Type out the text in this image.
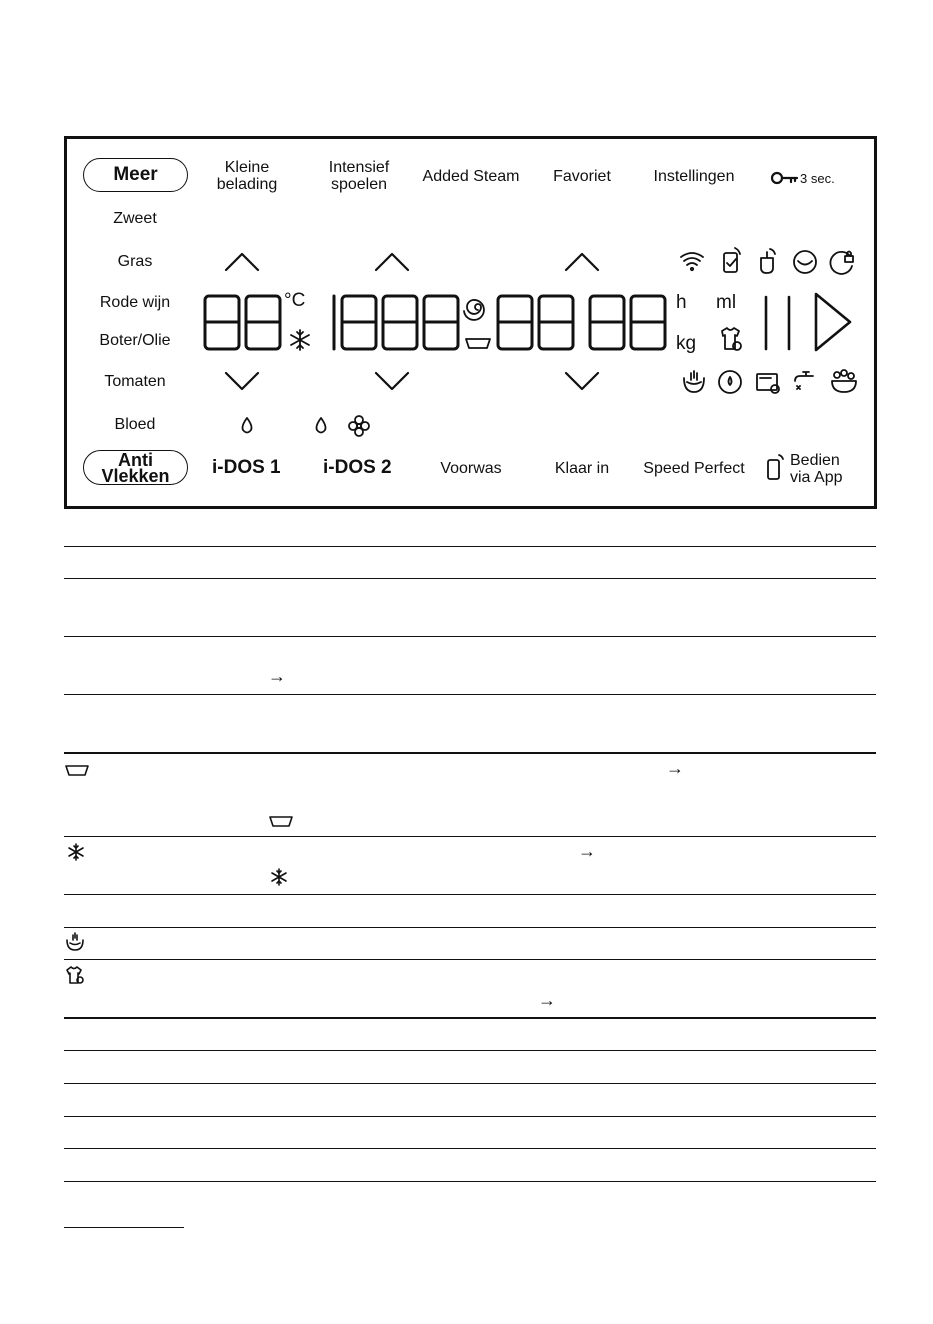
Meer	Kleine
belading
Intensief
spoelen	Added Steam	Favoriet	Instellingen	3 sec.
Zweet
Gras
Rode wijn
Boter/Olie
Tomaten
Bloed
Anti
Vlekken	i-DOS 1 i-DOS 2	Voorwas	Klaar in	Speed Perfect	Bedien
via App
°C	h ml
kg
→
→
→
→
